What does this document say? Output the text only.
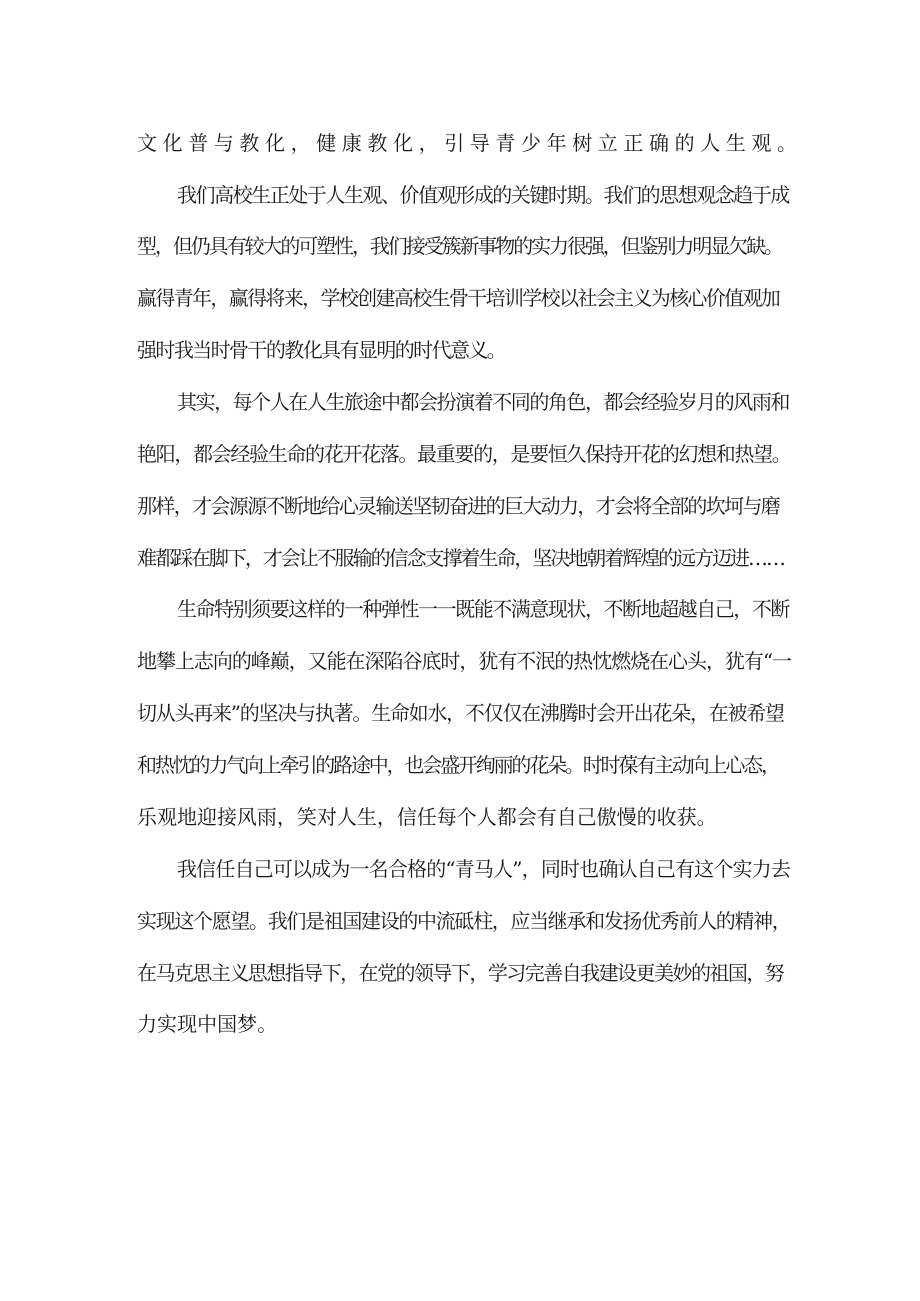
文化普与教化，健康教化，引导青少年树立正确的人生观。
我们高校生正处于人生观、价值观形成的关键时期。我们的思想观念趋于成
型，但仍具有较大的可塑性，我们接受簇新事物的实力很强，但鉴别力明显欠缺。
赢得青年，赢得将来，学校创建高校生骨干培训学校以社会主义为核心价值观加
强时我当时骨干的教化具有显明的时代意义。
其实，每个人在人生旅途中都会扮演着不同的角色，都会经验岁月的风雨和
艳阳，都会经验生命的花开花落。最重要的，是要恒久保持开花的幻想和热望。
那样，才会源源不断地给心灵输送坚韧奋进的巨大动力，才会将全部的坎坷与磨
难都踩在脚下，才会让不服输的信念支撑着生命，坚决地朝着辉煌的远方迈进……
生命特别须要这样的一种弹性一一既能不满意现状，不断地超越自己，不断
地攀上志向的峰巅，又能在深陷谷底时，犹有不泯的热忱燃烧在心头，犹有“一
切从头再来”的坚决与执著。生命如水，不仅仅在沸腾时会开出花朵，在被希望
和热忱的力气向上牵引的路途中，也会盛开绚丽的花朵。时时葆有主动向上心态，
乐观地迎接风雨，笑对人生，信任每个人都会有自己傲慢的收获。
我信任自己可以成为一名合格的“青马人”，同时也确认自己有这个实力去
实现这个愿望。我们是祖国建设的中流砥柱，应当继承和发扬优秀前人的精神，
在马克思主义思想指导下，在党的领导下，学习完善自我建设更美妙的祖国，努
力实现中国梦。
